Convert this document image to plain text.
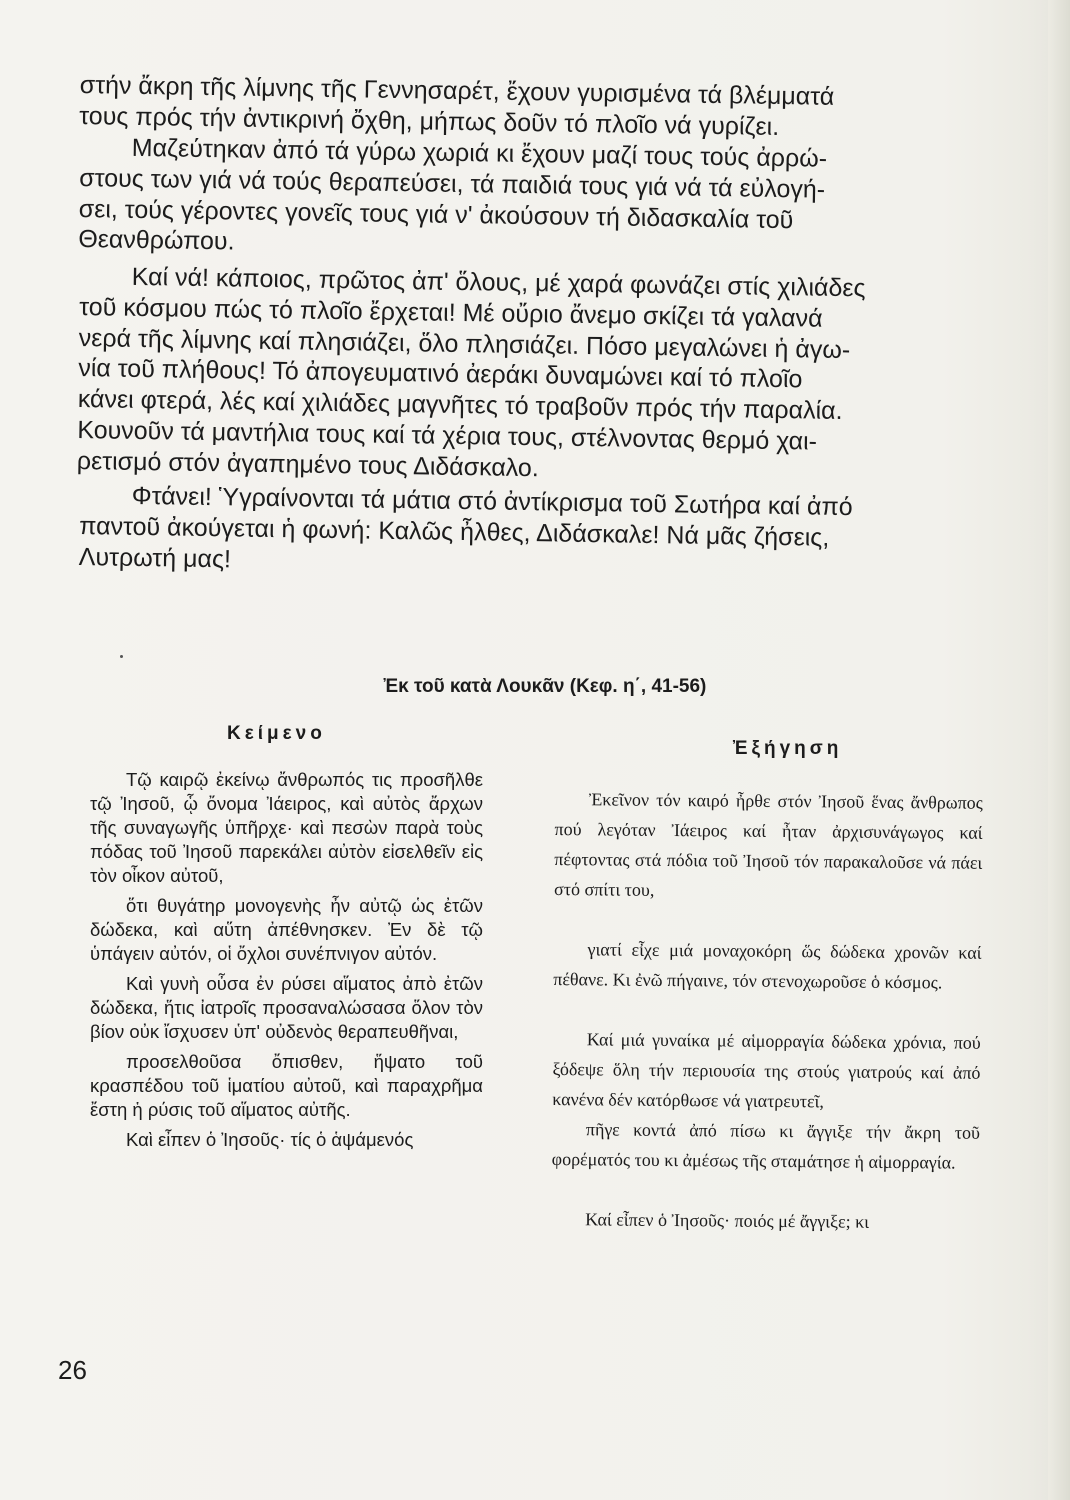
στήν ἄκρη τῆς λίμνης τῆς Γεννησαρέτ, ἔχουν γυρισμένα τά βλέμματά
τους πρός τήν ἀντικρινή ὄχθη, μήπως δοῦν τό πλοῖο νά γυρίζει.

Μαζεύτηκαν ἀπό τά γύρω χωριά κι ἔχουν μαζί τους τούς ἀρρώ-
στους των γιά νά τούς θεραπεύσει, τά παιδιά τους γιά νά τά εὐλογή-
σει, τούς γέροντες γονεῖς τους γιά ν' ἀκούσουν τή διδασκαλία τοῦ
Θεανθρώπου.

Καί νά! κάποιος, πρῶτος ἀπ' ὅλους, μέ χαρά φωνάζει στίς χιλιάδες
τοῦ κόσμου πώς τό πλοῖο ἔρχεται! Μέ οὔριο ἄνεμο σκίζει τά γαλανά
νερά τῆς λίμνης καί πλησιάζει, ὅλο πλησιάζει. Πόσο μεγαλώνει ἡ ἀγω-
νία τοῦ πλήθους! Τό ἀπογευματινό ἀεράκι δυναμώνει καί τό πλοῖο
κάνει φτερά, λές καί χιλιάδες μαγνῆτες τό τραβοῦν πρός τήν παραλία.
Κουνοῦν τά μαντήλια τους καί τά χέρια τους, στέλνοντας θερμό χαι-
ρετισμό στόν ἀγαπημένο τους Διδάσκαλο.

Φτάνει! Ὑγραίνονται τά μάτια στό ἀντίκρισμα τοῦ Σωτήρα καί ἀπό
παντοῦ ἀκούγεται ἡ φωνή: Καλῶς ἦλθες, Διδάσκαλε! Νά μᾶς ζήσεις,
Λυτρωτή μας!

Ἐκ τοῦ κατὰ Λουκᾶν (Κεφ. η΄, 41-56)
Κείμενο
Ἐξήγηση

Τῷ καιρῷ ἐκείνῳ ἄνθρωπός τις προσῆλθε τῷ Ἰησοῦ, ᾧ ὄνομα Ἰάειρος, καὶ αὐτὸς ἄρχων τῆς συναγωγῆς ὑπῆρχε· καὶ πεσὼν παρὰ τοὺς πόδας τοῦ Ἰησοῦ παρεκάλει αὐτὸν εἰσελθεῖν εἰς τὸν οἶκον αὐτοῦ,

ὅτι θυγάτηρ μονογενὴς ἦν αὐτῷ ὡς ἐτῶν δώδεκα, καὶ αὕτη ἀπέθνησκεν. Ἐν δὲ τῷ ὑπάγειν αὐτόν, οἱ ὄχλοι συνέπνιγον αὐτόν.

Καὶ γυνὴ οὖσα ἐν ρύσει αἵματος ἀπὸ ἐτῶν δώδεκα, ἥτις ἰατροῖς προσαναλώσασα ὅλον τὸν βίον οὐκ ἴσχυσεν ὑπ' οὐδενὸς θεραπευθῆναι,

προσελθοῦσα ὄπισθεν, ἥψατο τοῦ κρασπέδου τοῦ ἱματίου αὐτοῦ, καὶ παραχρῆμα ἔστη ἡ ρύσις τοῦ αἵματος αὐτῆς.

Καὶ εἶπεν ὁ Ἰησοῦς· τίς ὁ ἁψάμενός

Ἐκεῖνον τόν καιρό ἦρθε στόν Ἰησοῦ ἕνας ἄνθρωπος πού λεγόταν Ἰάειρος καί ἦταν ἀρχισυνάγωγος καί πέφτοντας στά πόδια τοῦ Ἰησοῦ τόν παρακαλοῦσε νά πάει στό σπίτι του,

γιατί εἶχε μιά μοναχοκόρη ὥς δώδεκα χρονῶν καί πέθανε. Κι ἐνῶ πήγαινε, τόν στενοχωροῦσε ὁ κόσμος.

Καί μιά γυναίκα μέ αἱμορραγία δώδεκα χρόνια, πού ξόδεψε ὅλη τήν περιουσία της στούς γιατρούς καί ἀπό κανένα δέν κατόρθωσε νά γιατρευτεῖ,

πῆγε κοντά ἀπό πίσω κι ἄγγιξε τήν ἄκρη τοῦ φορέματός του κι ἀμέσως τῆς σταμάτησε ἡ αἱμορραγία.

Καί εἶπεν ὁ Ἰησοῦς· ποιός μέ ἄγγιξε; κι

26
